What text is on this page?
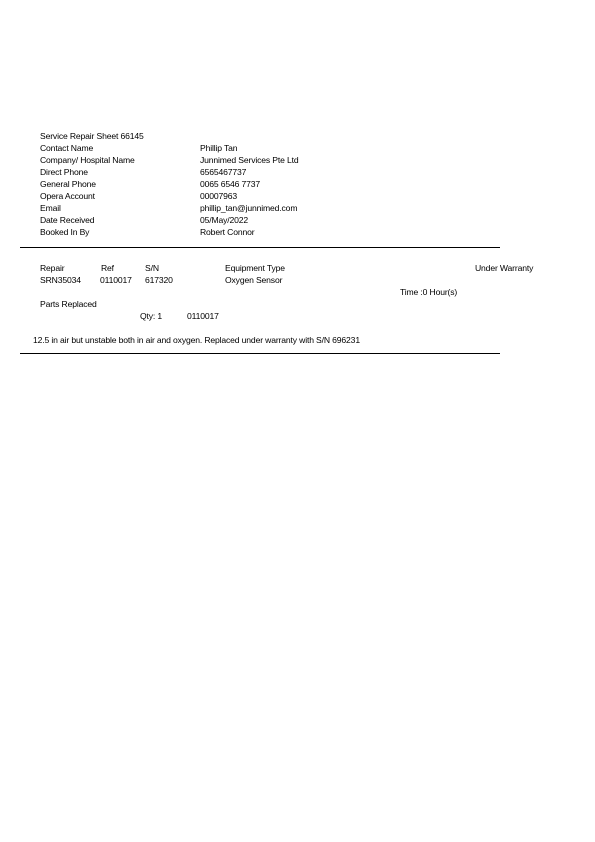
Service Repair Sheet 66145
Contact Name	Phillip Tan
Company/ Hospital Name	Junnimed Services Pte Ltd
Direct Phone	6565467737
General Phone	0065 6546 7737
Opera Account	00007963
Email	phillip_tan@junnimed.com
Date Received	05/May/2022
Booked In By	Robert Connor
Repair	Ref	S/N	Equipment Type	Under Warranty
SRN35034 0110017 617320	Oxygen Sensor
Time :0 Hour(s)
Parts Replaced
Qty: 1	0110017
12.5 in air but unstable both in air and oxygen. Replaced under warranty with S/N 696231
